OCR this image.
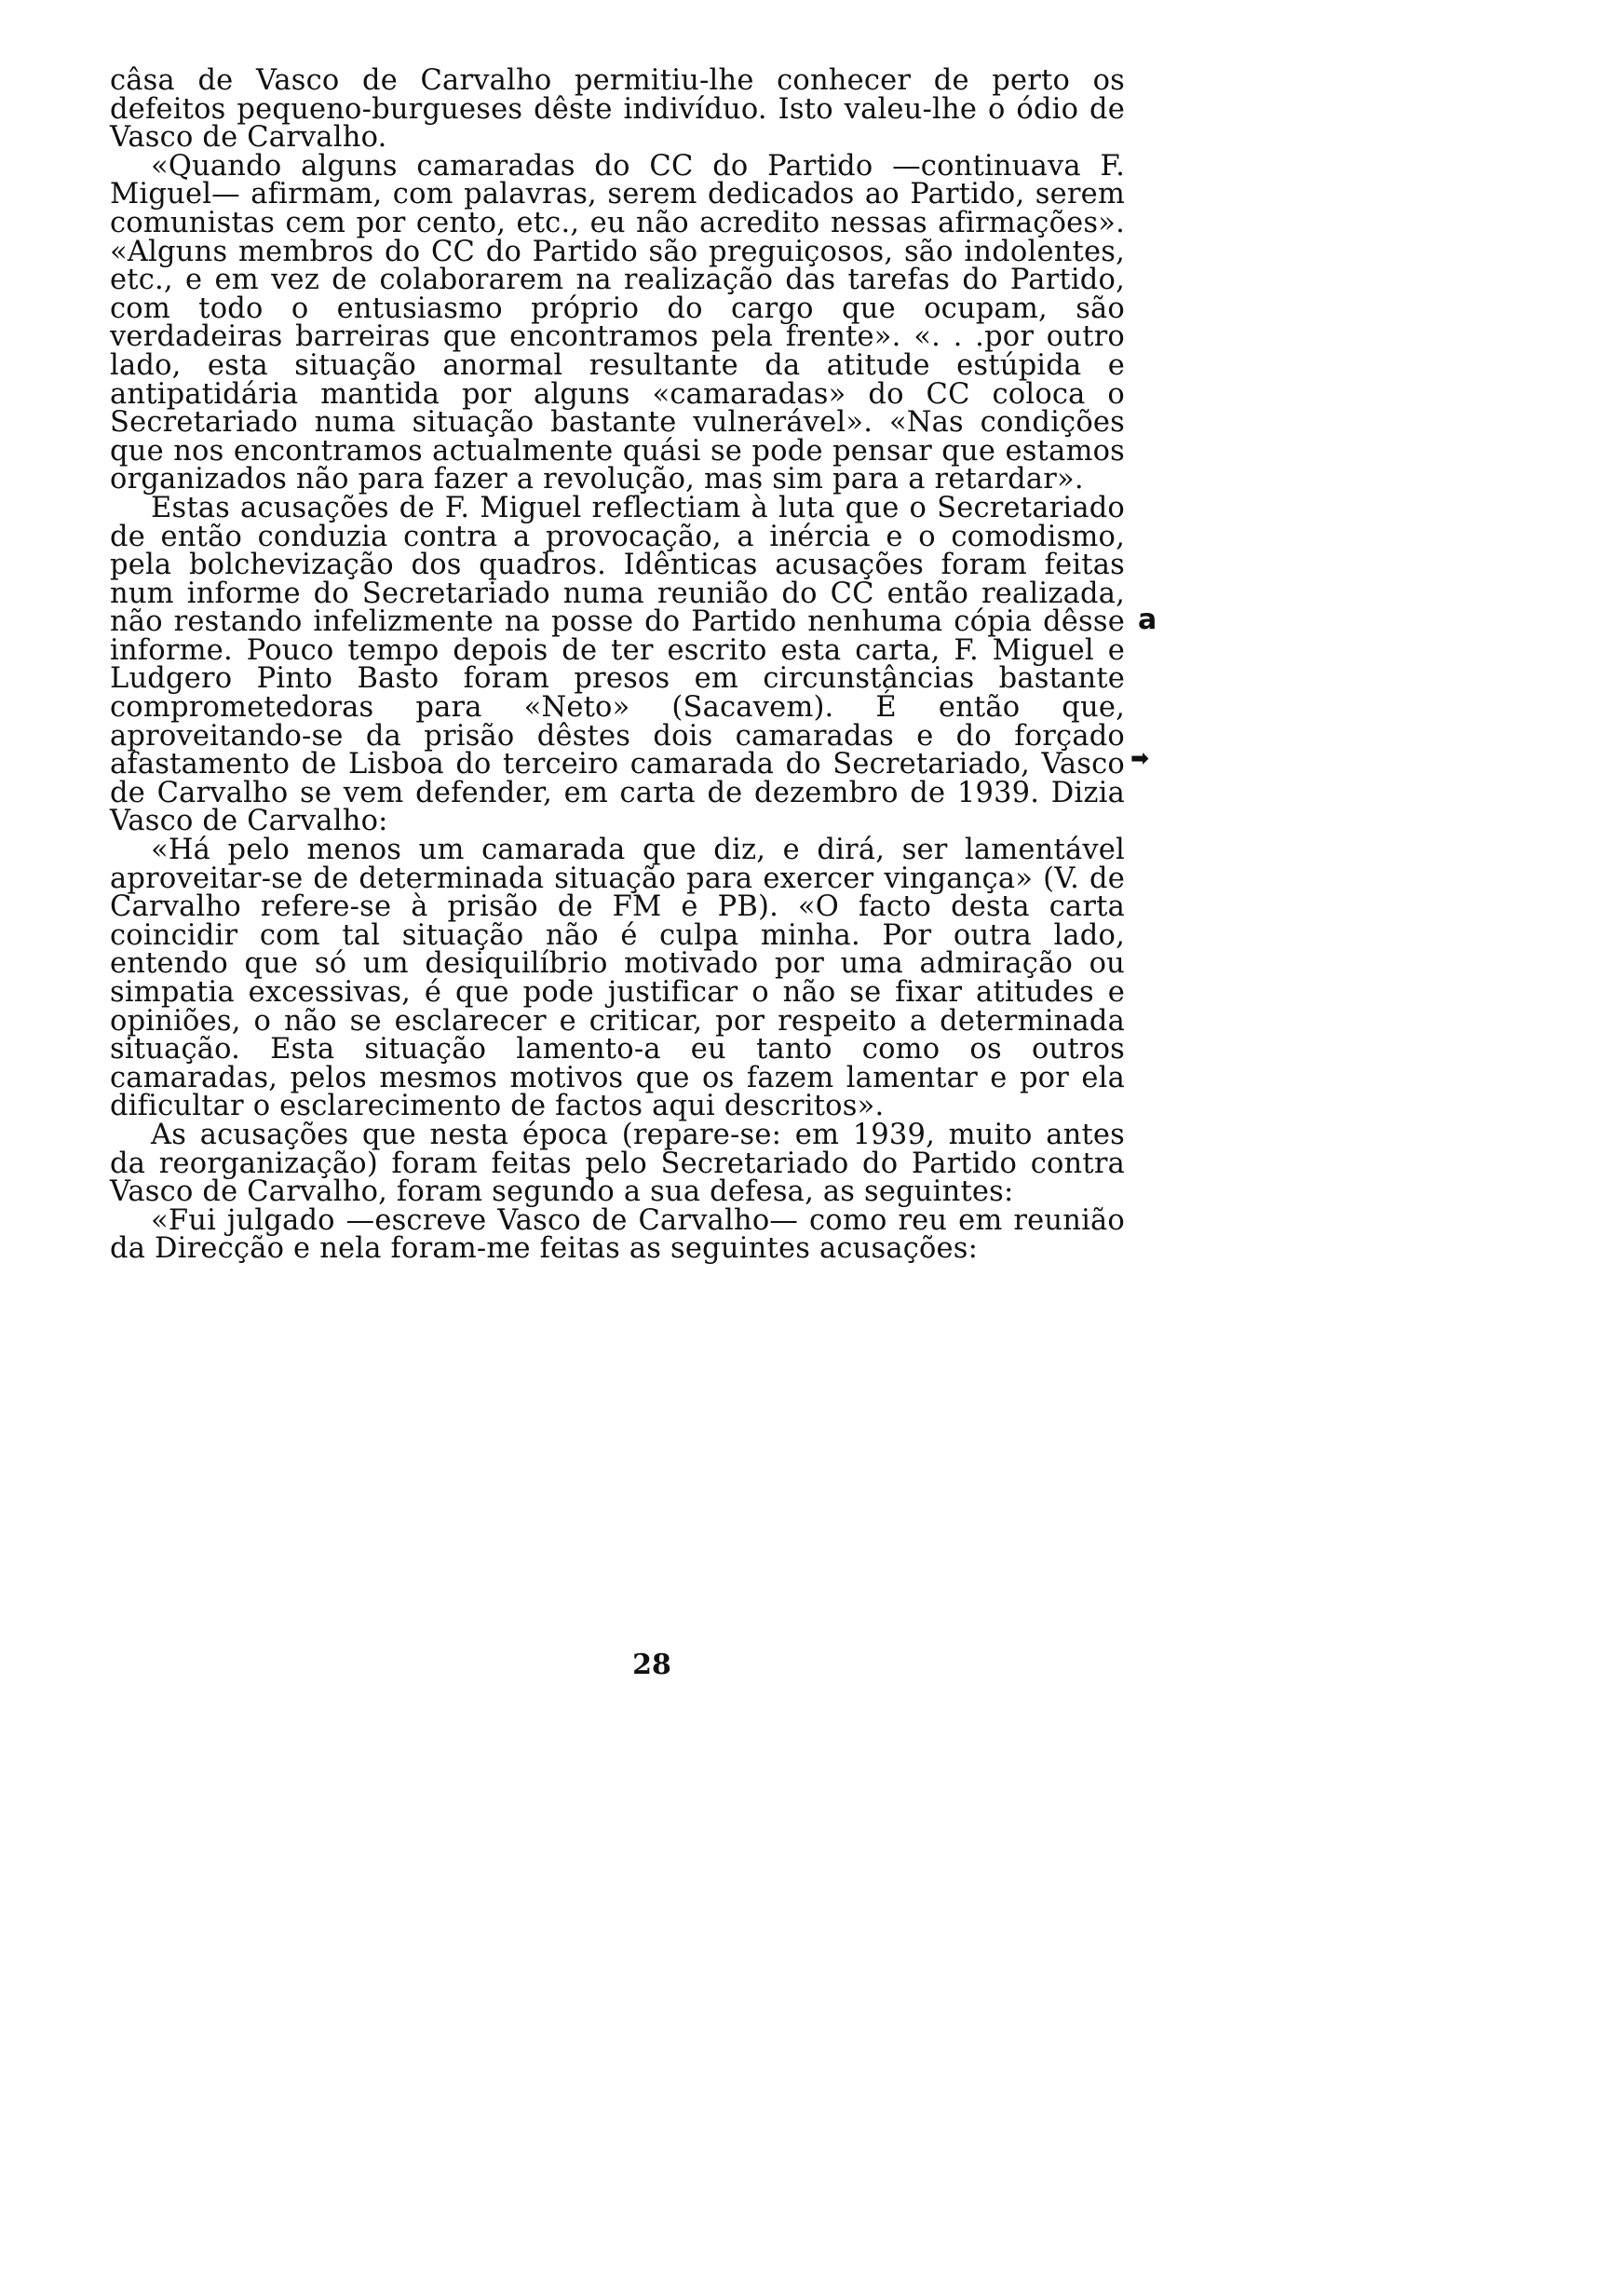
câsa de Vasco de Carvalho permitiu-lhe conhecer de perto os defeitos pequeno-burgueses dêste indivíduo. Isto valeu-lhe o ódio de Vasco de Carvalho.

«Quando alguns camaradas do CC do Partido —continuava F. Miguel— afirmam, com palavras, serem dedicados ao Partido, serem comunistas cem por cento, etc., eu não acredito nessas afirmações». «Alguns membros do CC do Partido são preguiçosos, são indolentes, etc., e em vez de colaborarem na realização das tarefas do Partido, com todo o entusiasmo próprio do cargo que ocupam, são verdadeiras barreiras que encontramos pela frente». «. . .por outro lado, esta situação anormal resultante da atitude estúpida e antipatidária mantida por alguns «camaradas» do CC coloca o Secretariado numa situação bastante vulnerável». «Nas condições que nos encontramos actualmente quási se pode pensar que estamos organizados não para fazer a revolução, mas sim para a retardar».

Estas acusações de F. Miguel reflectiam à luta que o Secretariado de então conduzia contra a provocação, a inércia e o comodismo, pela bolchevização dos quadros. Idênticas acusações foram feitas num informe do Secretariado numa reunião do CC então realizada, não restando infelizmente na posse do Partido nenhuma cópia dêsse informe. Pouco tempo depois de ter escrito esta carta, F. Miguel e Ludgero Pinto Basto foram presos em circunstâncias bastante comprometedoras para «Neto» (Sacavem). É então que, aproveitando-se da prisão dêstes dois camaradas e do forçado afastamento de Lisboa do terceiro camarada do Secretariado, Vasco de Carvalho se vem defender, em carta de dezembro de 1939. Dizia Vasco de Carvalho:

«Há pelo menos um camarada que diz, e dirá, ser lamentável aproveitar-se de determinada situação para exercer vingança» (V. de Carvalho refere-se à prisão de FM e PB). «O facto desta carta coincidir com tal situação não é culpa minha. Por outra lado, entendo que só um desiquilíbrio motivado por uma admiração ou simpatia excessivas, é que pode justificar o não se fixar atitudes e opiniões, o não se esclarecer e criticar, por respeito a determinada situação. Esta situação lamento-a eu tanto como os outros camaradas, pelos mesmos motivos que os fazem lamentar e por ela dificultar o esclarecimento de factos aqui descritos».

As acusações que nesta época (repare-se: em 1939, muito antes da reorganização) foram feitas pelo Secretariado do Partido contra Vasco de Carvalho, foram segundo a sua defesa, as seguintes:

«Fui julgado —escreve Vasco de Carvalho— como reu em reunião da Direcção e nela foram-me feitas as seguintes acusações:

a
➡
28
